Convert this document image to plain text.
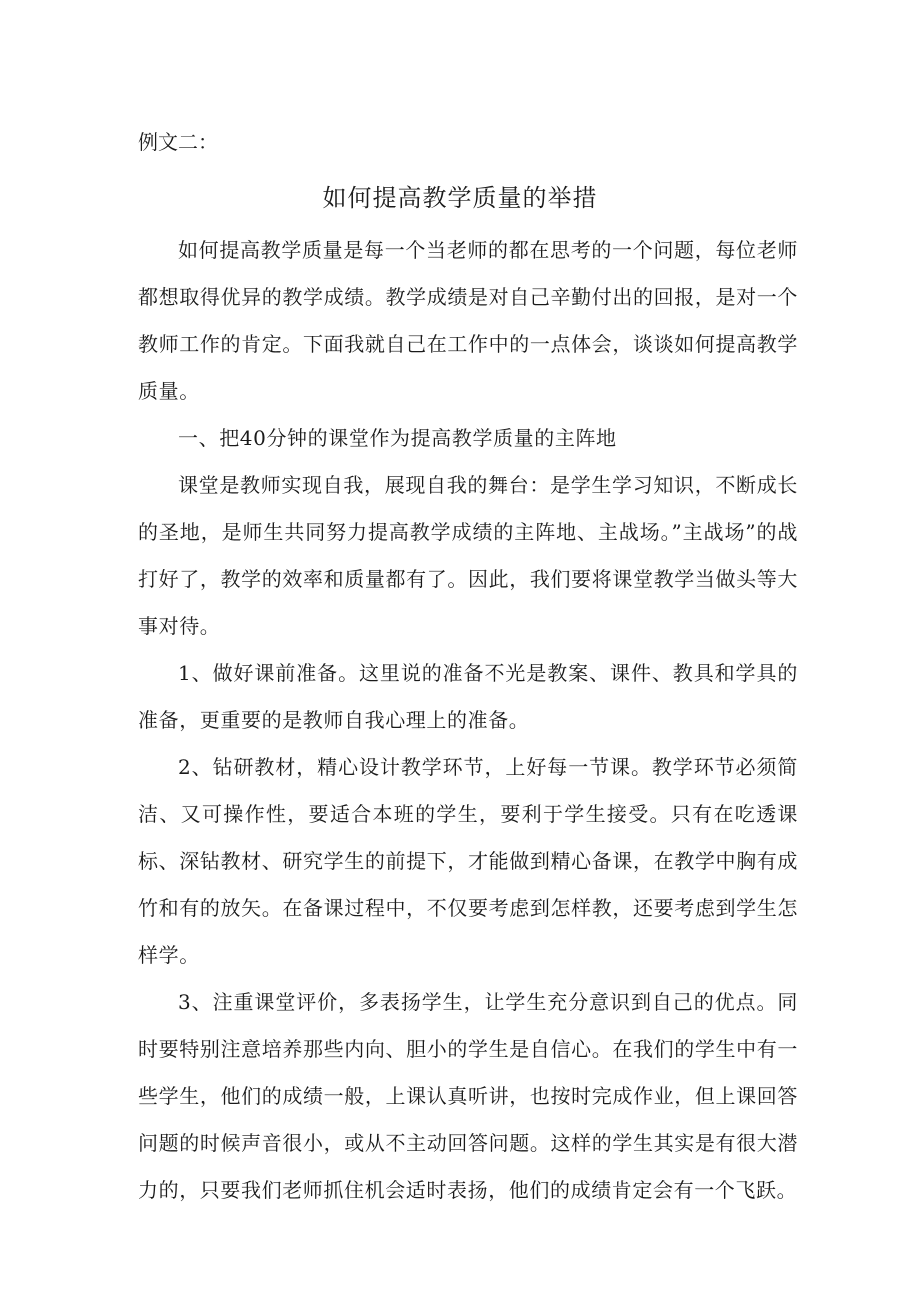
例文二：

如何提高教学质量的举措

如何提高教学质量是每一个当老师的都在思考的一个问题，每位老师都想取得优异的教学成绩。教学成绩是对自己辛勤付出的回报，是对一个教师工作的肯定。下面我就自己在工作中的一点体会，谈谈如何提高教学质量。

一、把40分钟的课堂作为提高教学质量的主阵地

课堂是教师实现自我，展现自我的舞台：是学生学习知识，不断成长的圣地，是师生共同努力提高教学成绩的主阵地、主战场。”主战场”的战打好了，教学的效率和质量都有了。因此，我们要将课堂教学当做头等大事对待。

1、做好课前准备。这里说的准备不光是教案、课件、教具和学具的准备，更重要的是教师自我心理上的准备。

2、钻研教材，精心设计教学环节，上好每一节课。教学环节必须简洁、又可操作性，要适合本班的学生，要利于学生接受。只有在吃透课标、深钻教材、研究学生的前提下，才能做到精心备课，在教学中胸有成竹和有的放矢。在备课过程中，不仅要考虑到怎样教，还要考虑到学生怎样学。

3、注重课堂评价，多表扬学生，让学生充分意识到自己的优点。同时要特别注意培养那些内向、胆小的学生是自信心。在我们的学生中有一些学生，他们的成绩一般，上课认真听讲，也按时完成作业，但上课回答问题的时候声音很小，或从不主动回答问题。这样的学生其实是有很大潜力的，只要我们老师抓住机会适时表扬，他们的成绩肯定会有一个飞跃。
